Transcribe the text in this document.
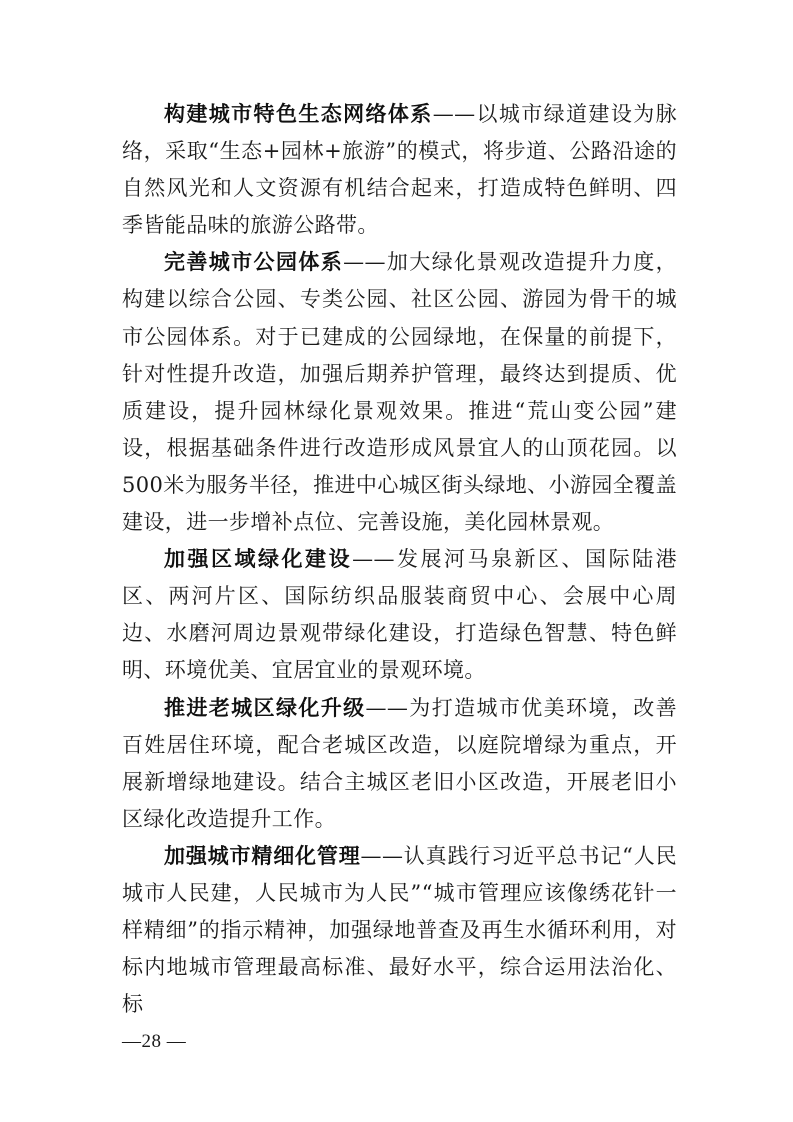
构建城市特色生态网络体系——以城市绿道建设为脉络，采取“生态+园林+旅游”的模式，将步道、公路沿途的自然风光和人文资源有机结合起来，打造成特色鲜明、四季皆能品味的旅游公路带。

完善城市公园体系——加大绿化景观改造提升力度，构建以综合公园、专类公园、社区公园、游园为骨干的城市公园体系。对于已建成的公园绿地，在保量的前提下，针对性提升改造，加强后期养护管理，最终达到提质、优质建设，提升园林绿化景观效果。推进“荒山变公园”建设，根据基础条件进行改造形成风景宜人的山顶花园。以500米为服务半径，推进中心城区街头绿地、小游园全覆盖建设，进一步增补点位、完善设施，美化园林景观。

加强区域绿化建设——发展河马泉新区、国际陆港区、两河片区、国际纺织品服装商贸中心、会展中心周边、水磨河周边景观带绿化建设，打造绿色智慧、特色鲜明、环境优美、宜居宜业的景观环境。

推进老城区绿化升级——为打造城市优美环境，改善百姓居住环境，配合老城区改造，以庭院增绿为重点，开展新增绿地建设。结合主城区老旧小区改造，开展老旧小区绿化改造提升工作。

加强城市精细化管理——认真践行习近平总书记“人民城市人民建，人民城市为人民”“城市管理应该像绣花针一样精细”的指示精神，加强绿地普查及再生水循环利用，对标内地城市管理最高标准、最好水平，综合运用法治化、标

—28 —
